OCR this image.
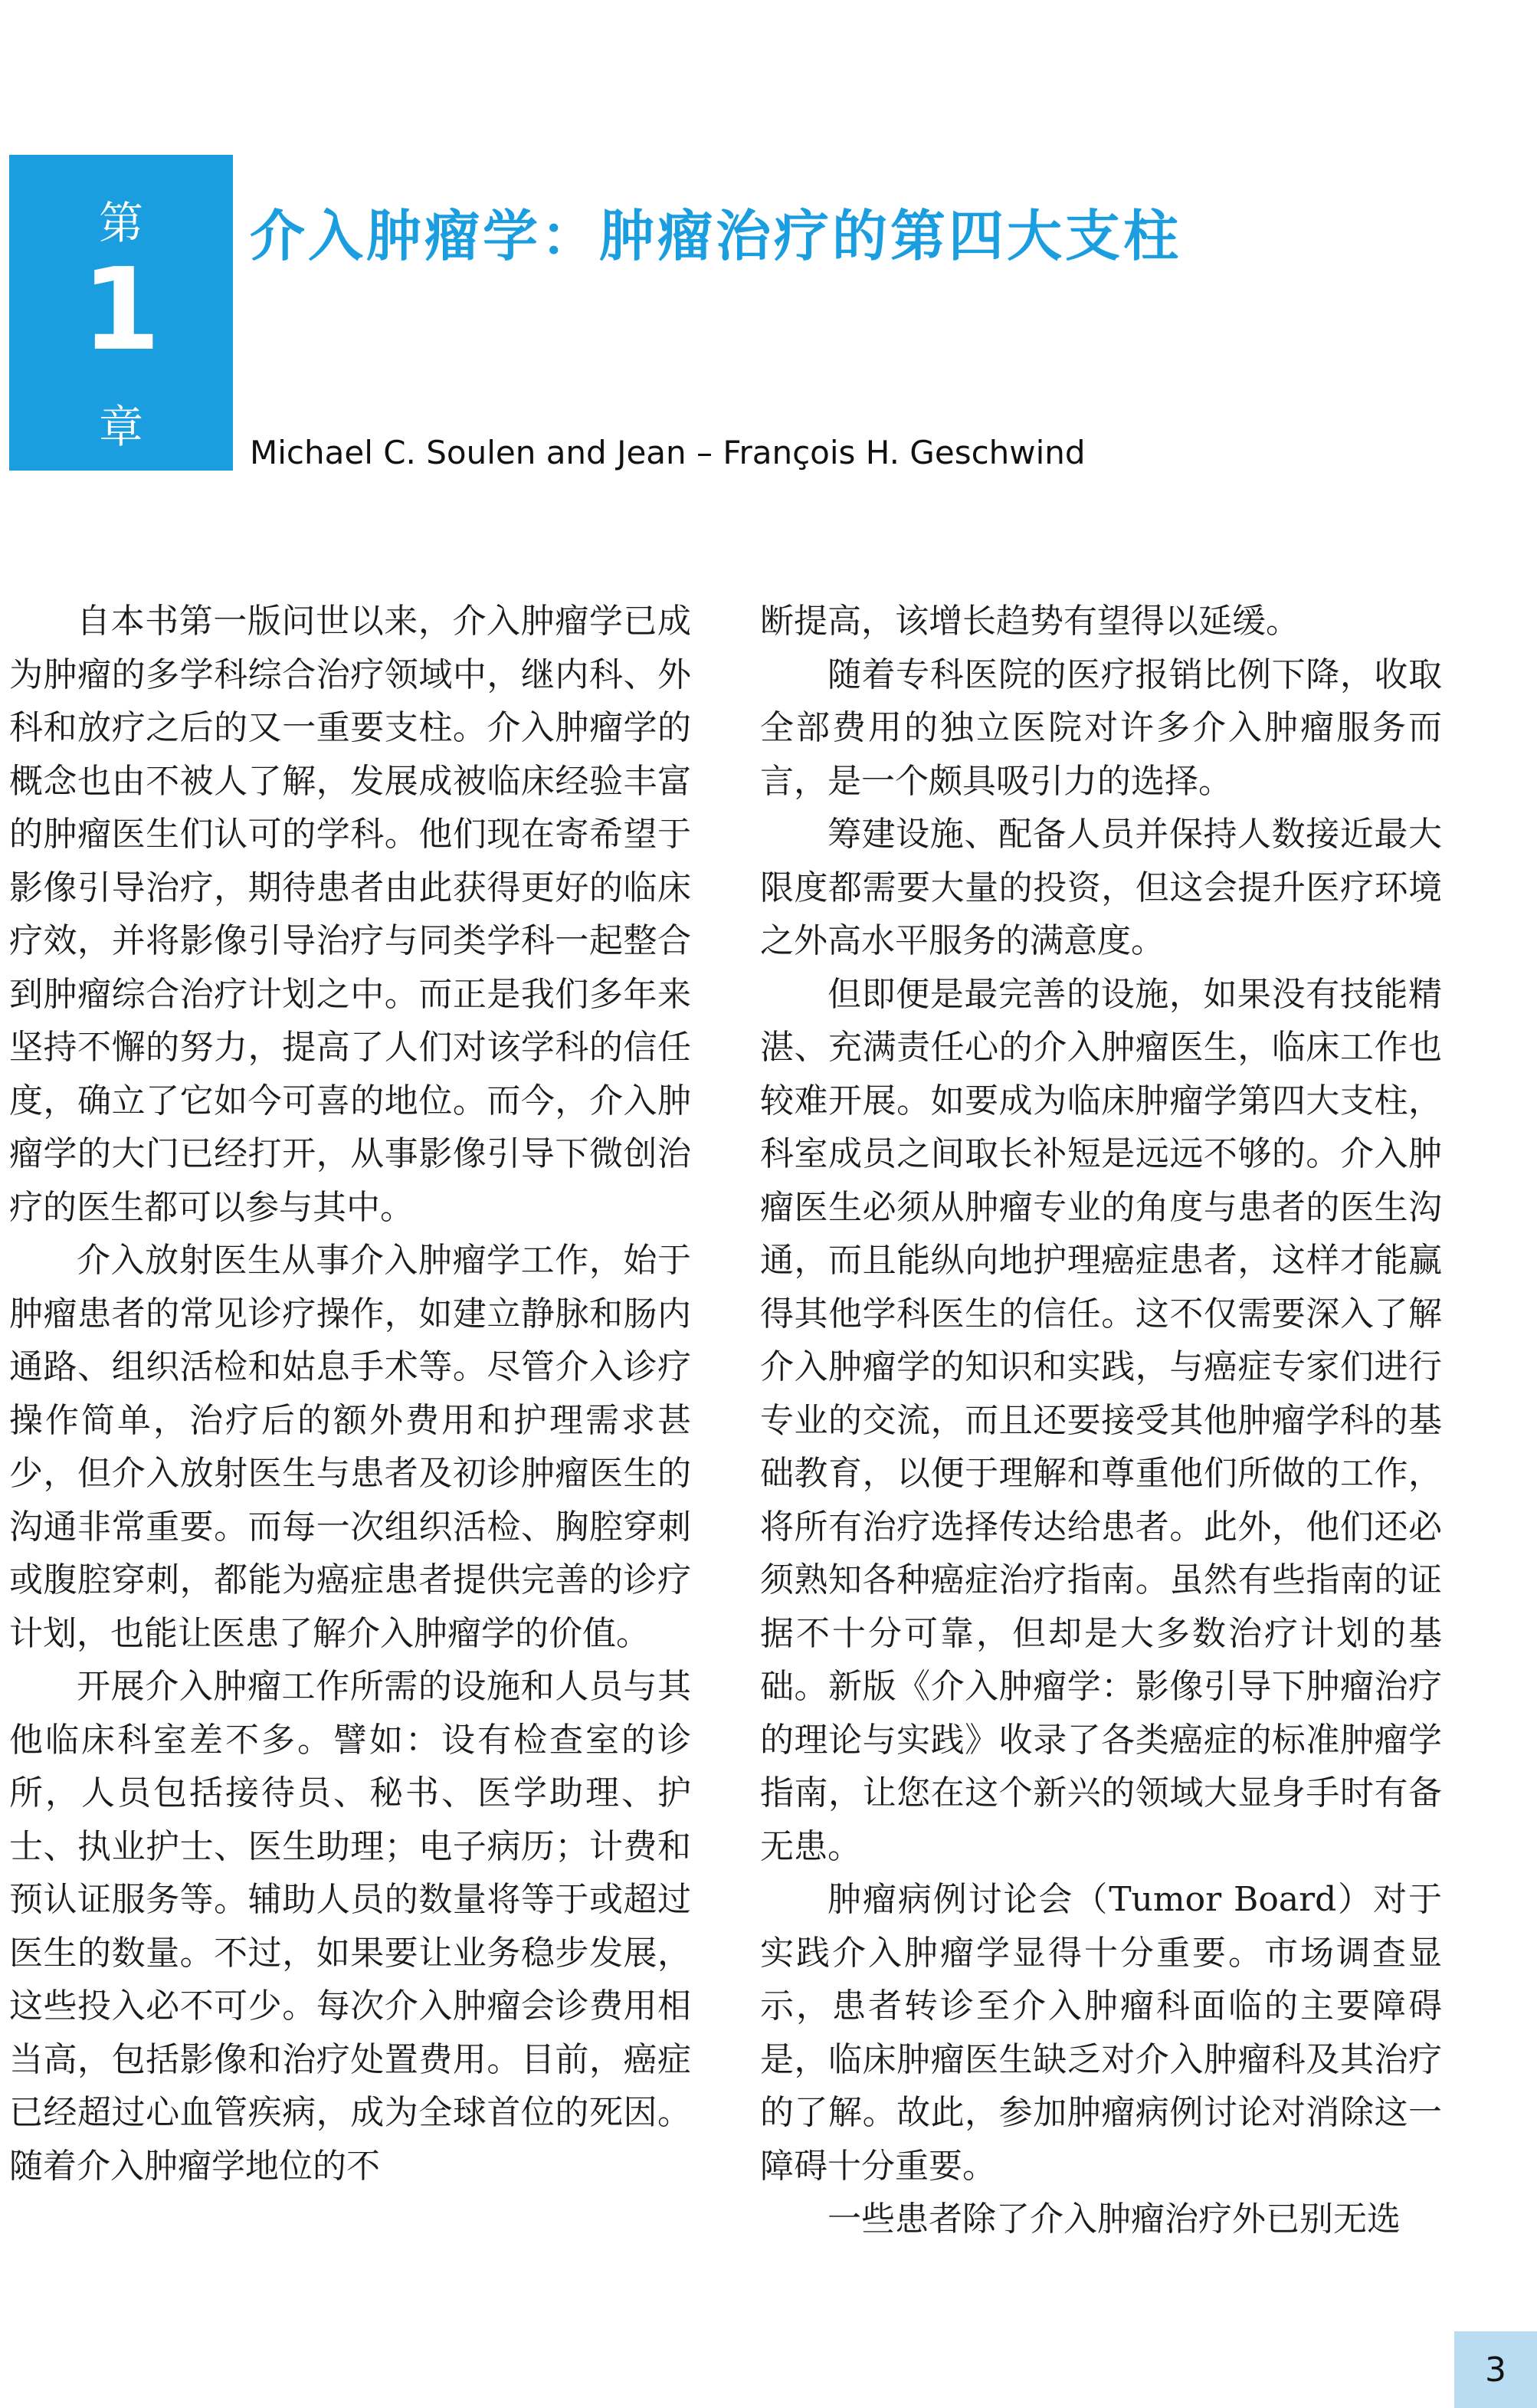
第
1
章
介入肿瘤学：肿瘤治疗的第四大支柱
Michael C. Soulen and Jean – François H. Geschwind

自本书第一版问世以来，介入肿瘤学已成为肿瘤的多学科综合治疗领域中，继内科、外科和放疗之后的又一重要支柱。介入肿瘤学的概念也由不被人了解，发展成被临床经验丰富的肿瘤医生们认可的学科。他们现在寄希望于影像引导治疗，期待患者由此获得更好的临床疗效，并将影像引导治疗与同类学科一起整合到肿瘤综合治疗计划之中。而正是我们多年来坚持不懈的努力，提高了人们对该学科的信任度，确立了它如今可喜的地位。而今，介入肿瘤学的大门已经打开，从事影像引导下微创治疗的医生都可以参与其中。

介入放射医生从事介入肿瘤学工作，始于肿瘤患者的常见诊疗操作，如建立静脉和肠内通路、组织活检和姑息手术等。尽管介入诊疗操作简单，治疗后的额外费用和护理需求甚少，但介入放射医生与患者及初诊肿瘤医生的沟通非常重要。而每一次组织活检、胸腔穿刺或腹腔穿刺，都能为癌症患者提供完善的诊疗计划，也能让医患了解介入肿瘤学的价值。

开展介入肿瘤工作所需的设施和人员与其他临床科室差不多。譬如：设有检查室的诊所，人员包括接待员、秘书、医学助理、护士、执业护士、医生助理；电子病历；计费和预认证服务等。辅助人员的数量将等于或超过医生的数量。不过，如果要让业务稳步发展，这些投入必不可少。每次介入肿瘤会诊费用相当高，包括影像和治疗处置费用。目前，癌症已经超过心血管疾病，成为全球首位的死因。随着介入肿瘤学地位的不

断提高，该增长趋势有望得以延缓。

随着专科医院的医疗报销比例下降，收取全部费用的独立医院对许多介入肿瘤服务而言，是一个颇具吸引力的选择。

筹建设施、配备人员并保持人数接近最大限度都需要大量的投资，但这会提升医疗环境之外高水平服务的满意度。

但即便是最完善的设施，如果没有技能精湛、充满责任心的介入肿瘤医生，临床工作也较难开展。如要成为临床肿瘤学第四大支柱，科室成员之间取长补短是远远不够的。介入肿瘤医生必须从肿瘤专业的角度与患者的医生沟通，而且能纵向地护理癌症患者，这样才能赢得其他学科医生的信任。这不仅需要深入了解介入肿瘤学的知识和实践，与癌症专家们进行专业的交流，而且还要接受其他肿瘤学科的基础教育，以便于理解和尊重他们所做的工作，将所有治疗选择传达给患者。此外，他们还必须熟知各种癌症治疗指南。虽然有些指南的证据不十分可靠，但却是大多数治疗计划的基础。新版《介入肿瘤学：影像引导下肿瘤治疗的理论与实践》收录了各类癌症的标准肿瘤学指南，让您在这个新兴的领域大显身手时有备无患。

肿瘤病例讨论会（Tumor Board）对于实践介入肿瘤学显得十分重要。市场调查显示，患者转诊至介入肿瘤科面临的主要障碍是，临床肿瘤医生缺乏对介入肿瘤科及其治疗的了解。故此，参加肿瘤病例讨论对消除这一障碍十分重要。

一些患者除了介入肿瘤治疗外已别无选

3
